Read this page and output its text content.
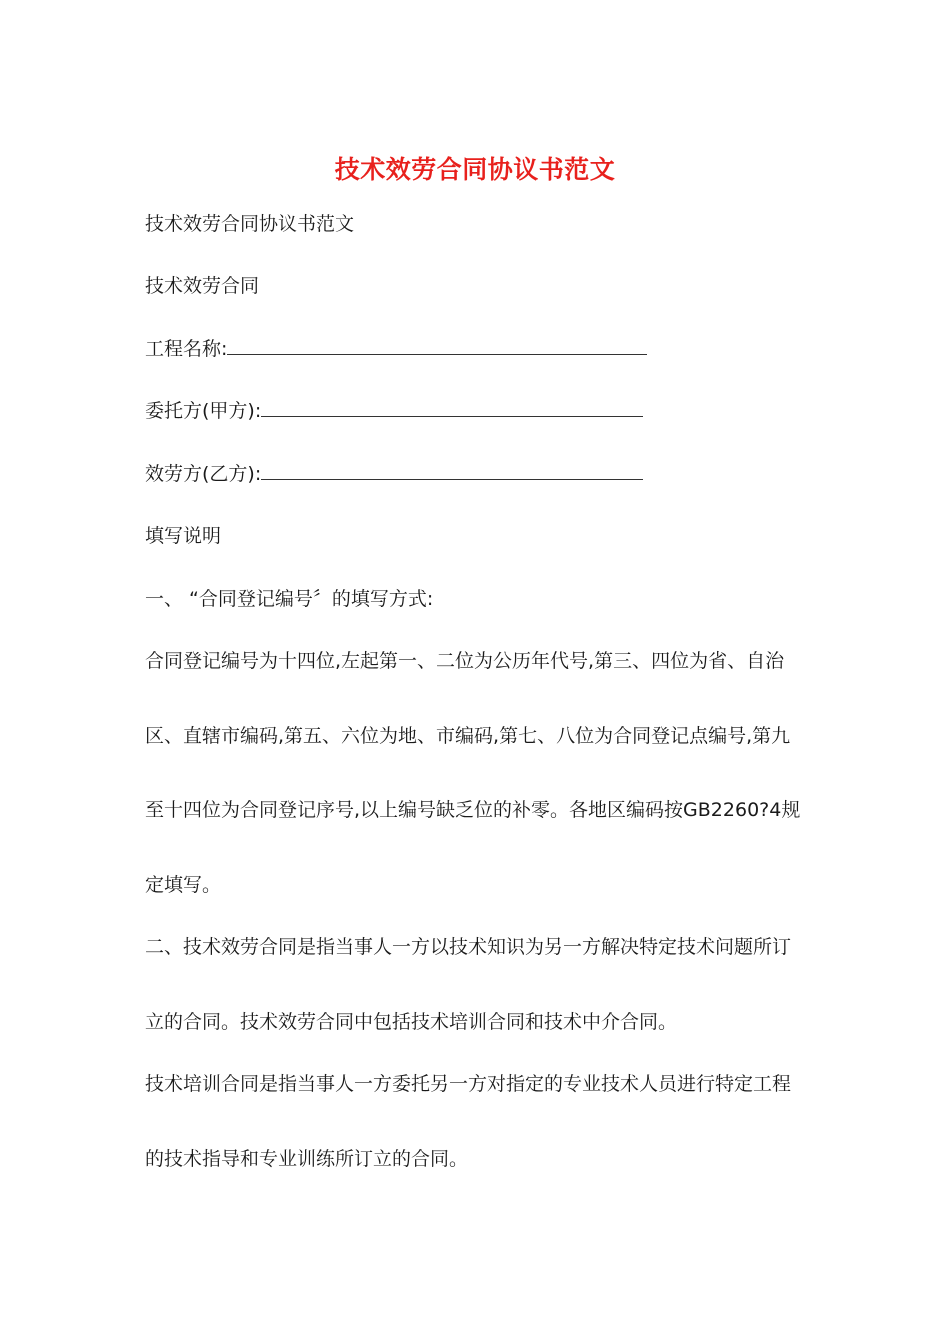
技术效劳合同协议书范文
技术效劳合同协议书范文
技术效劳合同
工程名称:
委托方(甲方):
效劳方(乙方):
填写说明
一、 “合同登记编号〞的填写方式:
合同登记编号为十四位,左起第一、二位为公历年代号,第三、四位为省、自治
区、直辖市编码,第五、六位为地、市编码,第七、八位为合同登记点编号,第九
至十四位为合同登记序号,以上编号缺乏位的补零。各地区编码按GB2260?4规
定填写。
二、技术效劳合同是指当事人一方以技术知识为另一方解决特定技术问题所订
立的合同。技术效劳合同中包括技术培训合同和技术中介合同。
技术培训合同是指当事人一方委托另一方对指定的专业技术人员进行特定工程
的技术指导和专业训练所订立的合同。
